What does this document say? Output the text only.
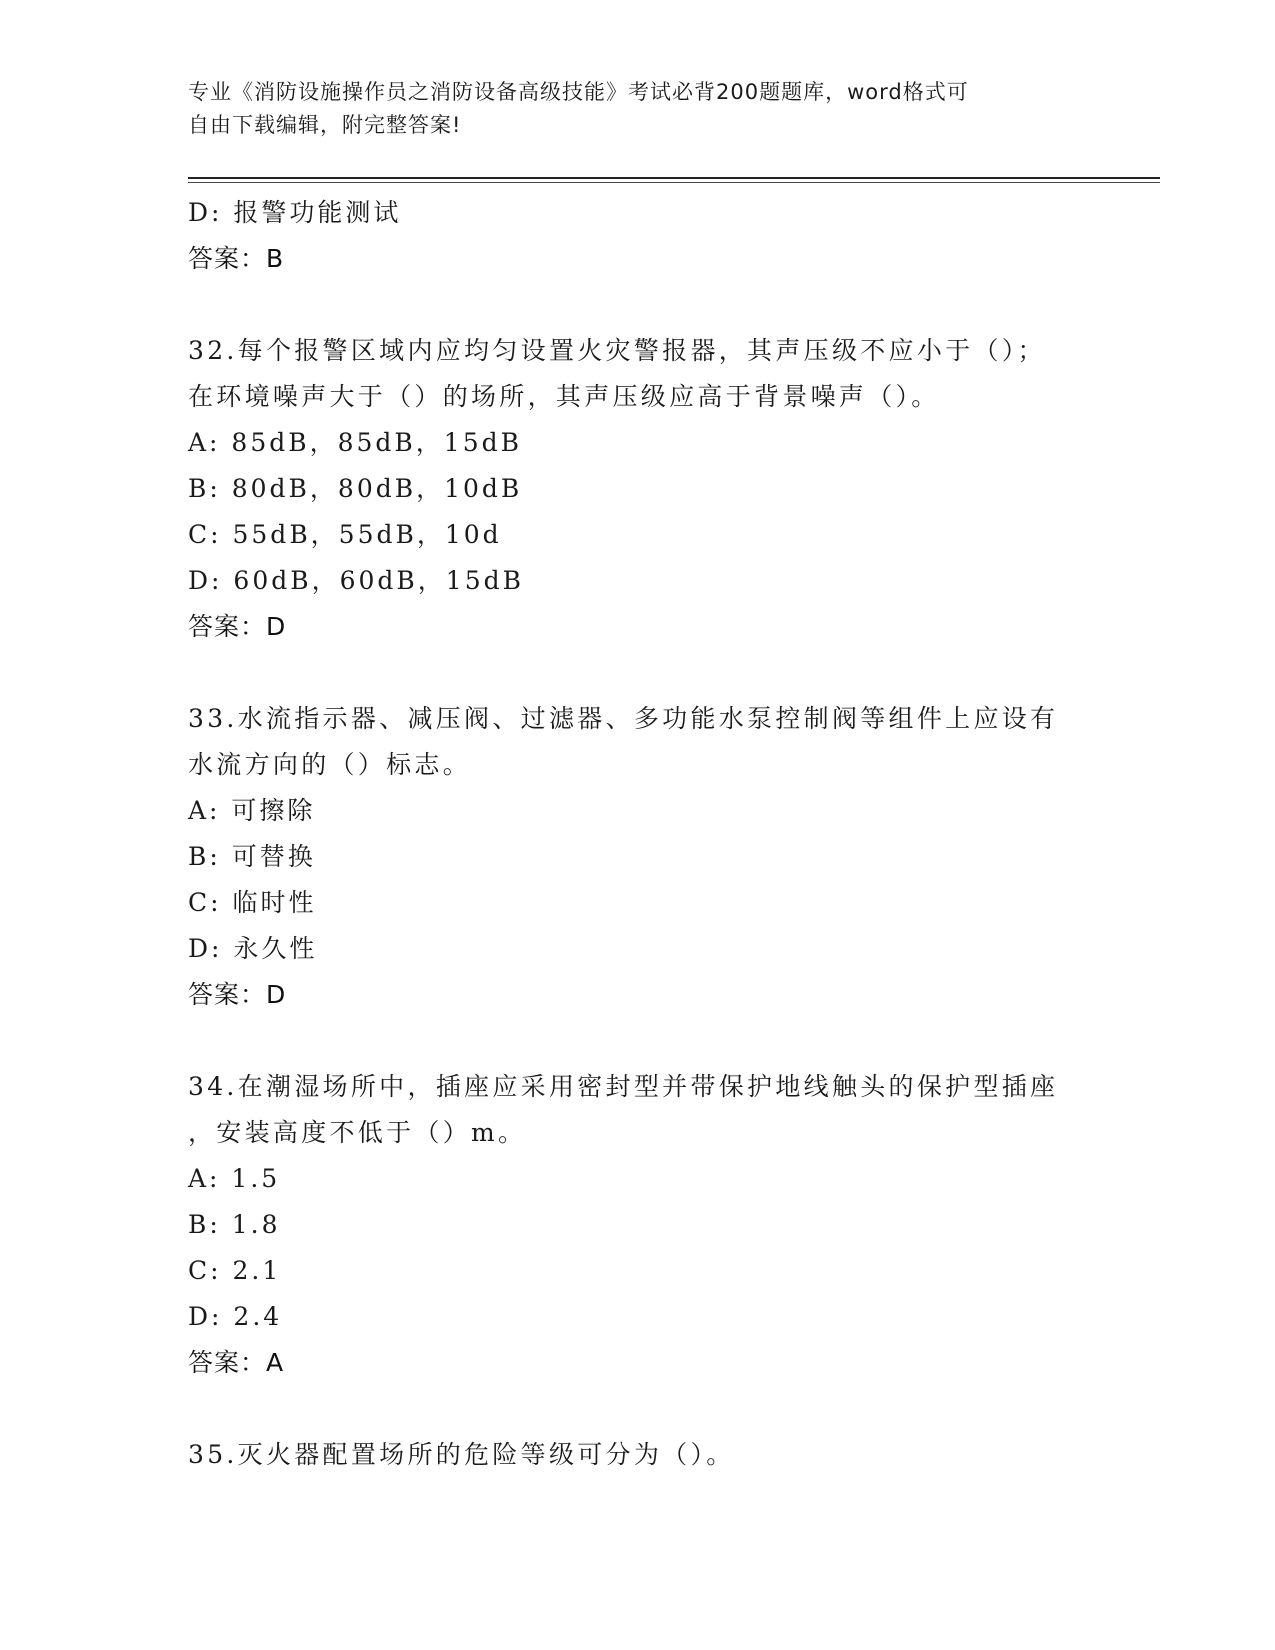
专业《消防设施操作员之消防设备高级技能》考试必背200题题库，word格式可
自由下载编辑，附完整答案!
D: 报警功能测试
答案：B
32.每个报警区域内应均匀设置火灾警报器，其声压级不应小于（）；
在环境噪声大于（）的场所，其声压级应高于背景噪声（）。
A: 85dB，85dB，15dB
B: 80dB，80dB，10dB
C: 55dB，55dB，10d
D: 60dB，60dB，15dB
答案：D
33.水流指示器、减压阀、过滤器、多功能水泵控制阀等组件上应设有
水流方向的（）标志。
A: 可擦除
B: 可替换
C: 临时性
D: 永久性
答案：D
34.在潮湿场所中，插座应采用密封型并带保护地线触头的保护型插座
，安装高度不低于（）m。
A: 1.5
B: 1.8
C: 2.1
D: 2.4
答案：A
35.灭火器配置场所的危险等级可分为（）。
